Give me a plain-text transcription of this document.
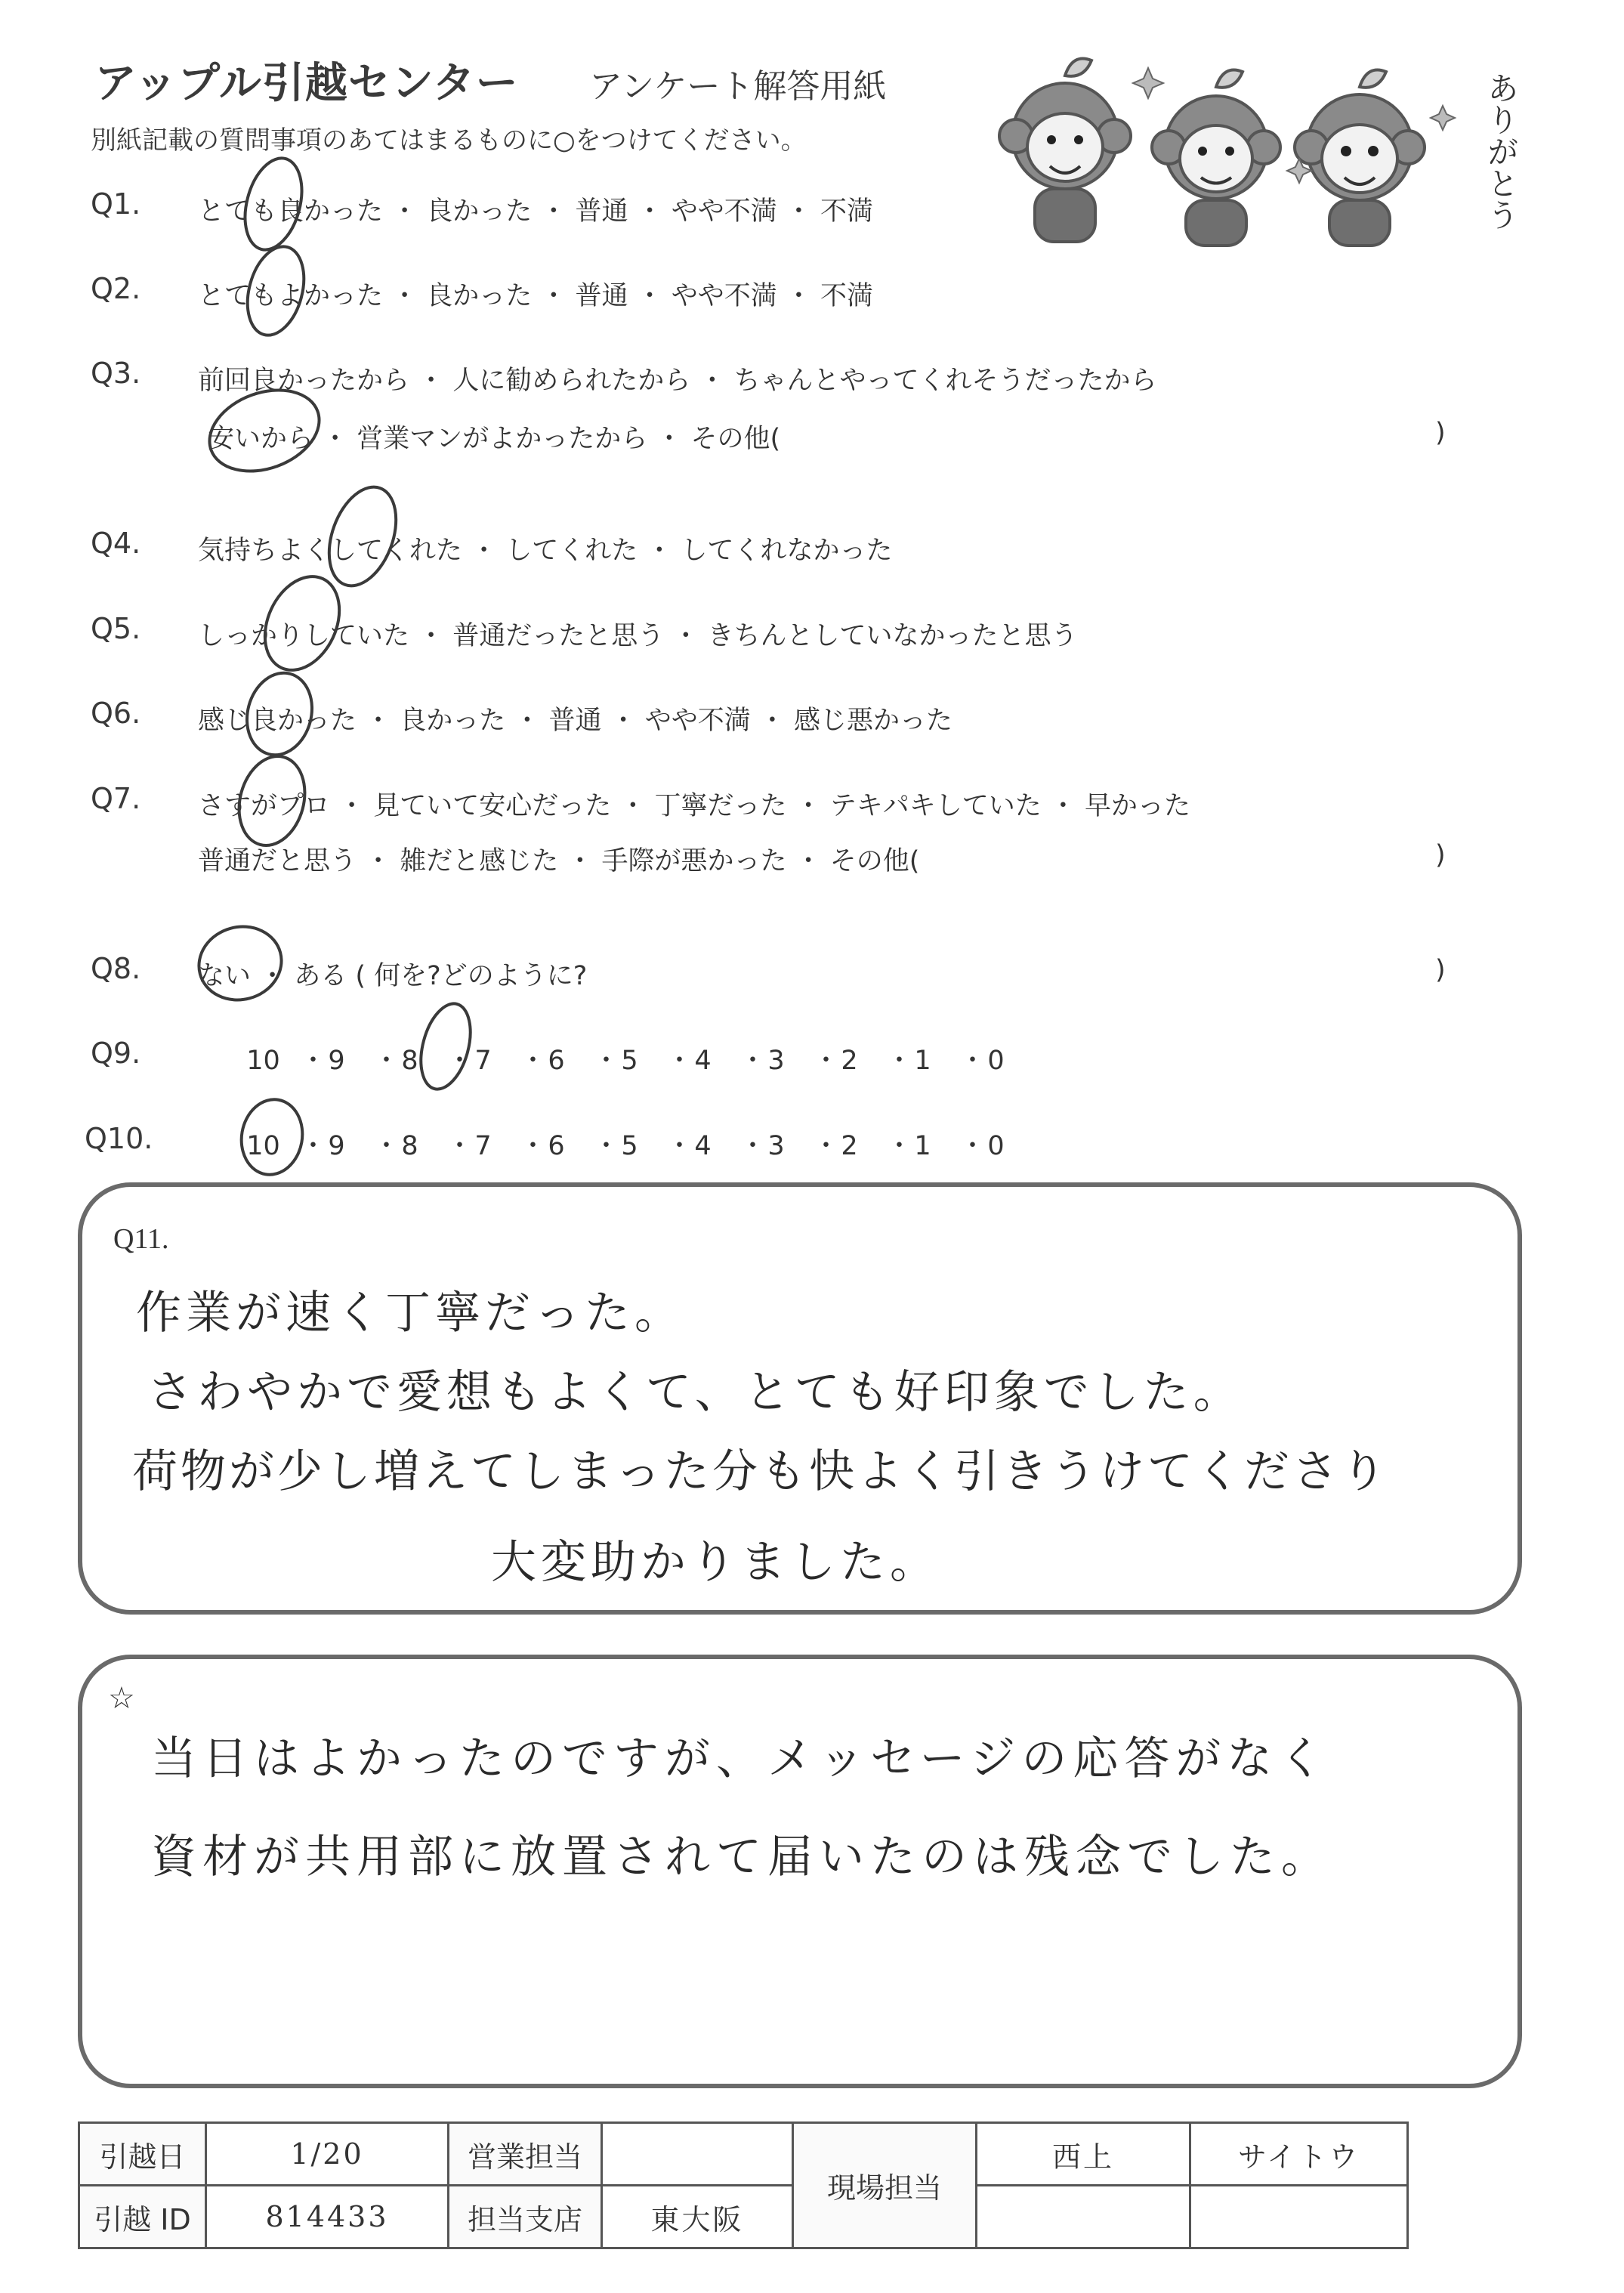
アップル引越センター アンケート解答用紙
別紙記載の質問事項のあてはまるものに○をつけてください。	ありがとう
Q1. とても良かった ・ 良かった ・ 普通 ・ やや不満 ・ 不満
Q2. とてもよかった ・ 良かった ・ 普通 ・ やや不満 ・ 不満
Q3. 前回良かったから ・ 人に勧められたから ・ ちゃんとやってくれそうだったから
安いから ・ 営業マンがよかったから ・ その他(	)
Q4. 気持ちよくしてくれた ・ してくれた ・ してくれなかった
Q5. しっかりしていた ・ 普通だったと思う ・ きちんとしていなかったと思う
Q6. 感じ良かった ・ 良かった ・ 普通 ・ やや不満 ・ 感じ悪かった
Q7. さすがプロ ・ 見ていて安心だった ・ 丁寧だった ・ テキパキしていた ・ 早かった
普通だと思う ・ 雑だと感じた ・ 手際が悪かった ・ その他(	)
Q8. ない ・ ある ( 何を?どのように?	)
Q9.	10 ・9 ・8 ・7 ・6 ・5 ・4 ・3 ・2 ・1 ・0
Q10.	10 ・9 ・8 ・7 ・6 ・5 ・4 ・3 ・2 ・1 ・0
Q11.
作業が速く丁寧だった。
さわやかで愛想もよくて、とても好印象でした。
荷物が少し増えてしまった分も快よく引きうけてくださり
大変助かりました。
☆
当日はよかったのですが、メッセージの応答がなく
資材が共用部に放置されて届いたのは残念でした。
引越日	1/20	営業担当		現場担当	西上	サイトウ
引越 ID	814433	担当支店	東大阪			
